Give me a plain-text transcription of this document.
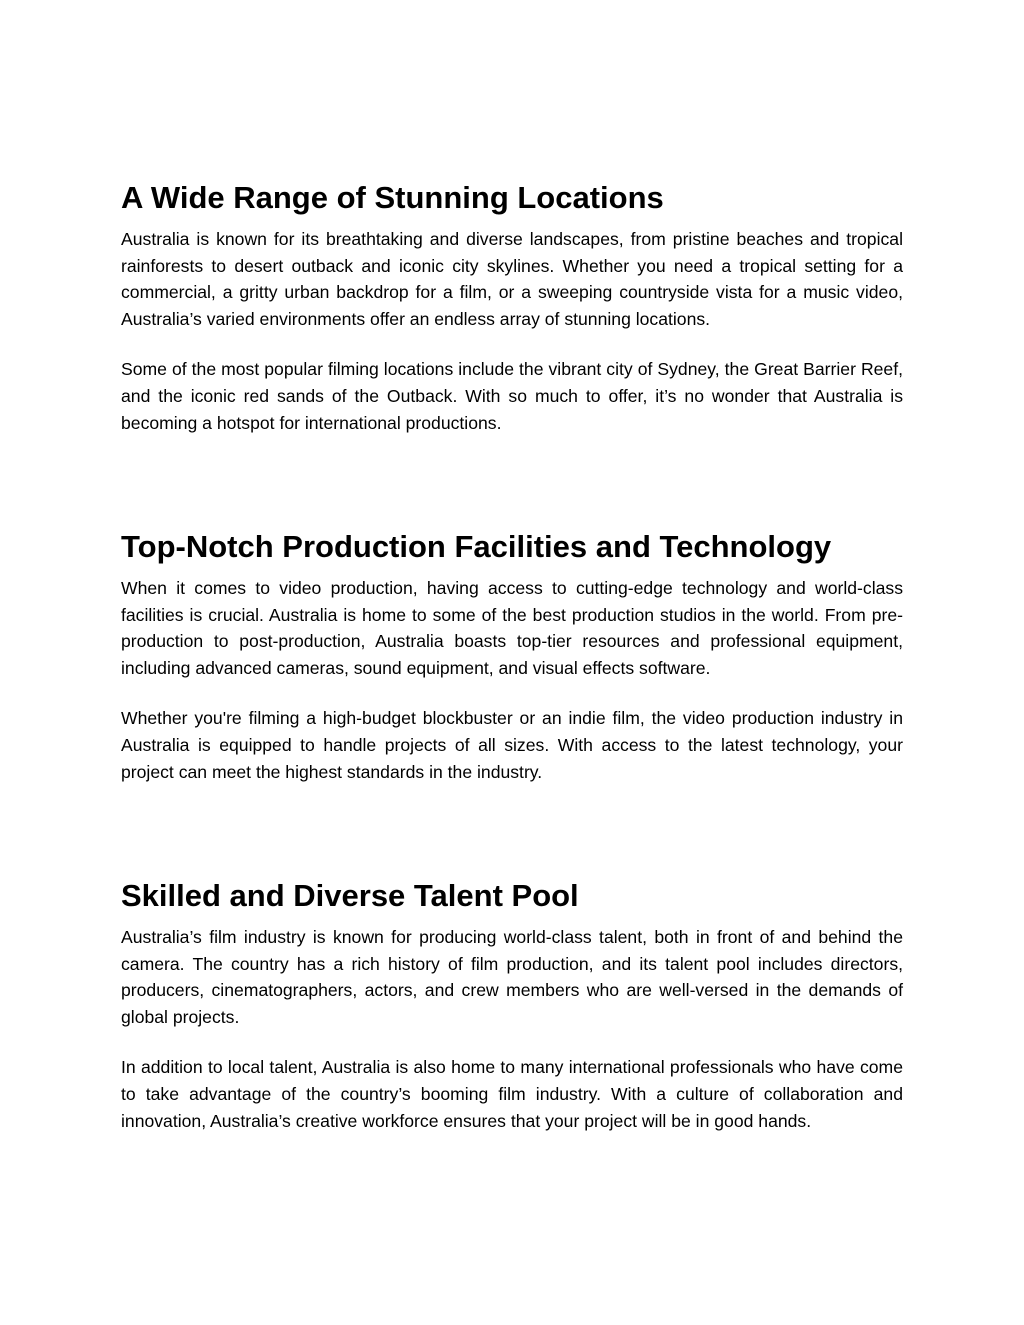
A Wide Range of Stunning Locations

Australia is known for its breathtaking and diverse landscapes, from pristine beaches and tropical rainforests to desert outback and iconic city skylines. Whether you need a tropical setting for a commercial, a gritty urban backdrop for a film, or a sweeping countryside vista for a music video, Australia’s varied environments offer an endless array of stunning locations.

Some of the most popular filming locations include the vibrant city of Sydney, the Great Barrier Reef, and the iconic red sands of the Outback. With so much to offer, it’s no wonder that Australia is becoming a hotspot for international productions.

Top-Notch Production Facilities and Technology

When it comes to video production, having access to cutting-edge technology and world-class facilities is crucial. Australia is home to some of the best production studios in the world. From pre-production to post-production, Australia boasts top-tier resources and professional equipment, including advanced cameras, sound equipment, and visual effects software.

Whether you're filming a high-budget blockbuster or an indie film, the video production industry in Australia is equipped to handle projects of all sizes. With access to the latest technology, your project can meet the highest standards in the industry.

Skilled and Diverse Talent Pool

Australia’s film industry is known for producing world-class talent, both in front of and behind the camera. The country has a rich history of film production, and its talent pool includes directors, producers, cinematographers, actors, and crew members who are well-versed in the demands of global projects.

In addition to local talent, Australia is also home to many international professionals who have come to take advantage of the country’s booming film industry. With a culture of collaboration and innovation, Australia’s creative workforce ensures that your project will be in good hands.
